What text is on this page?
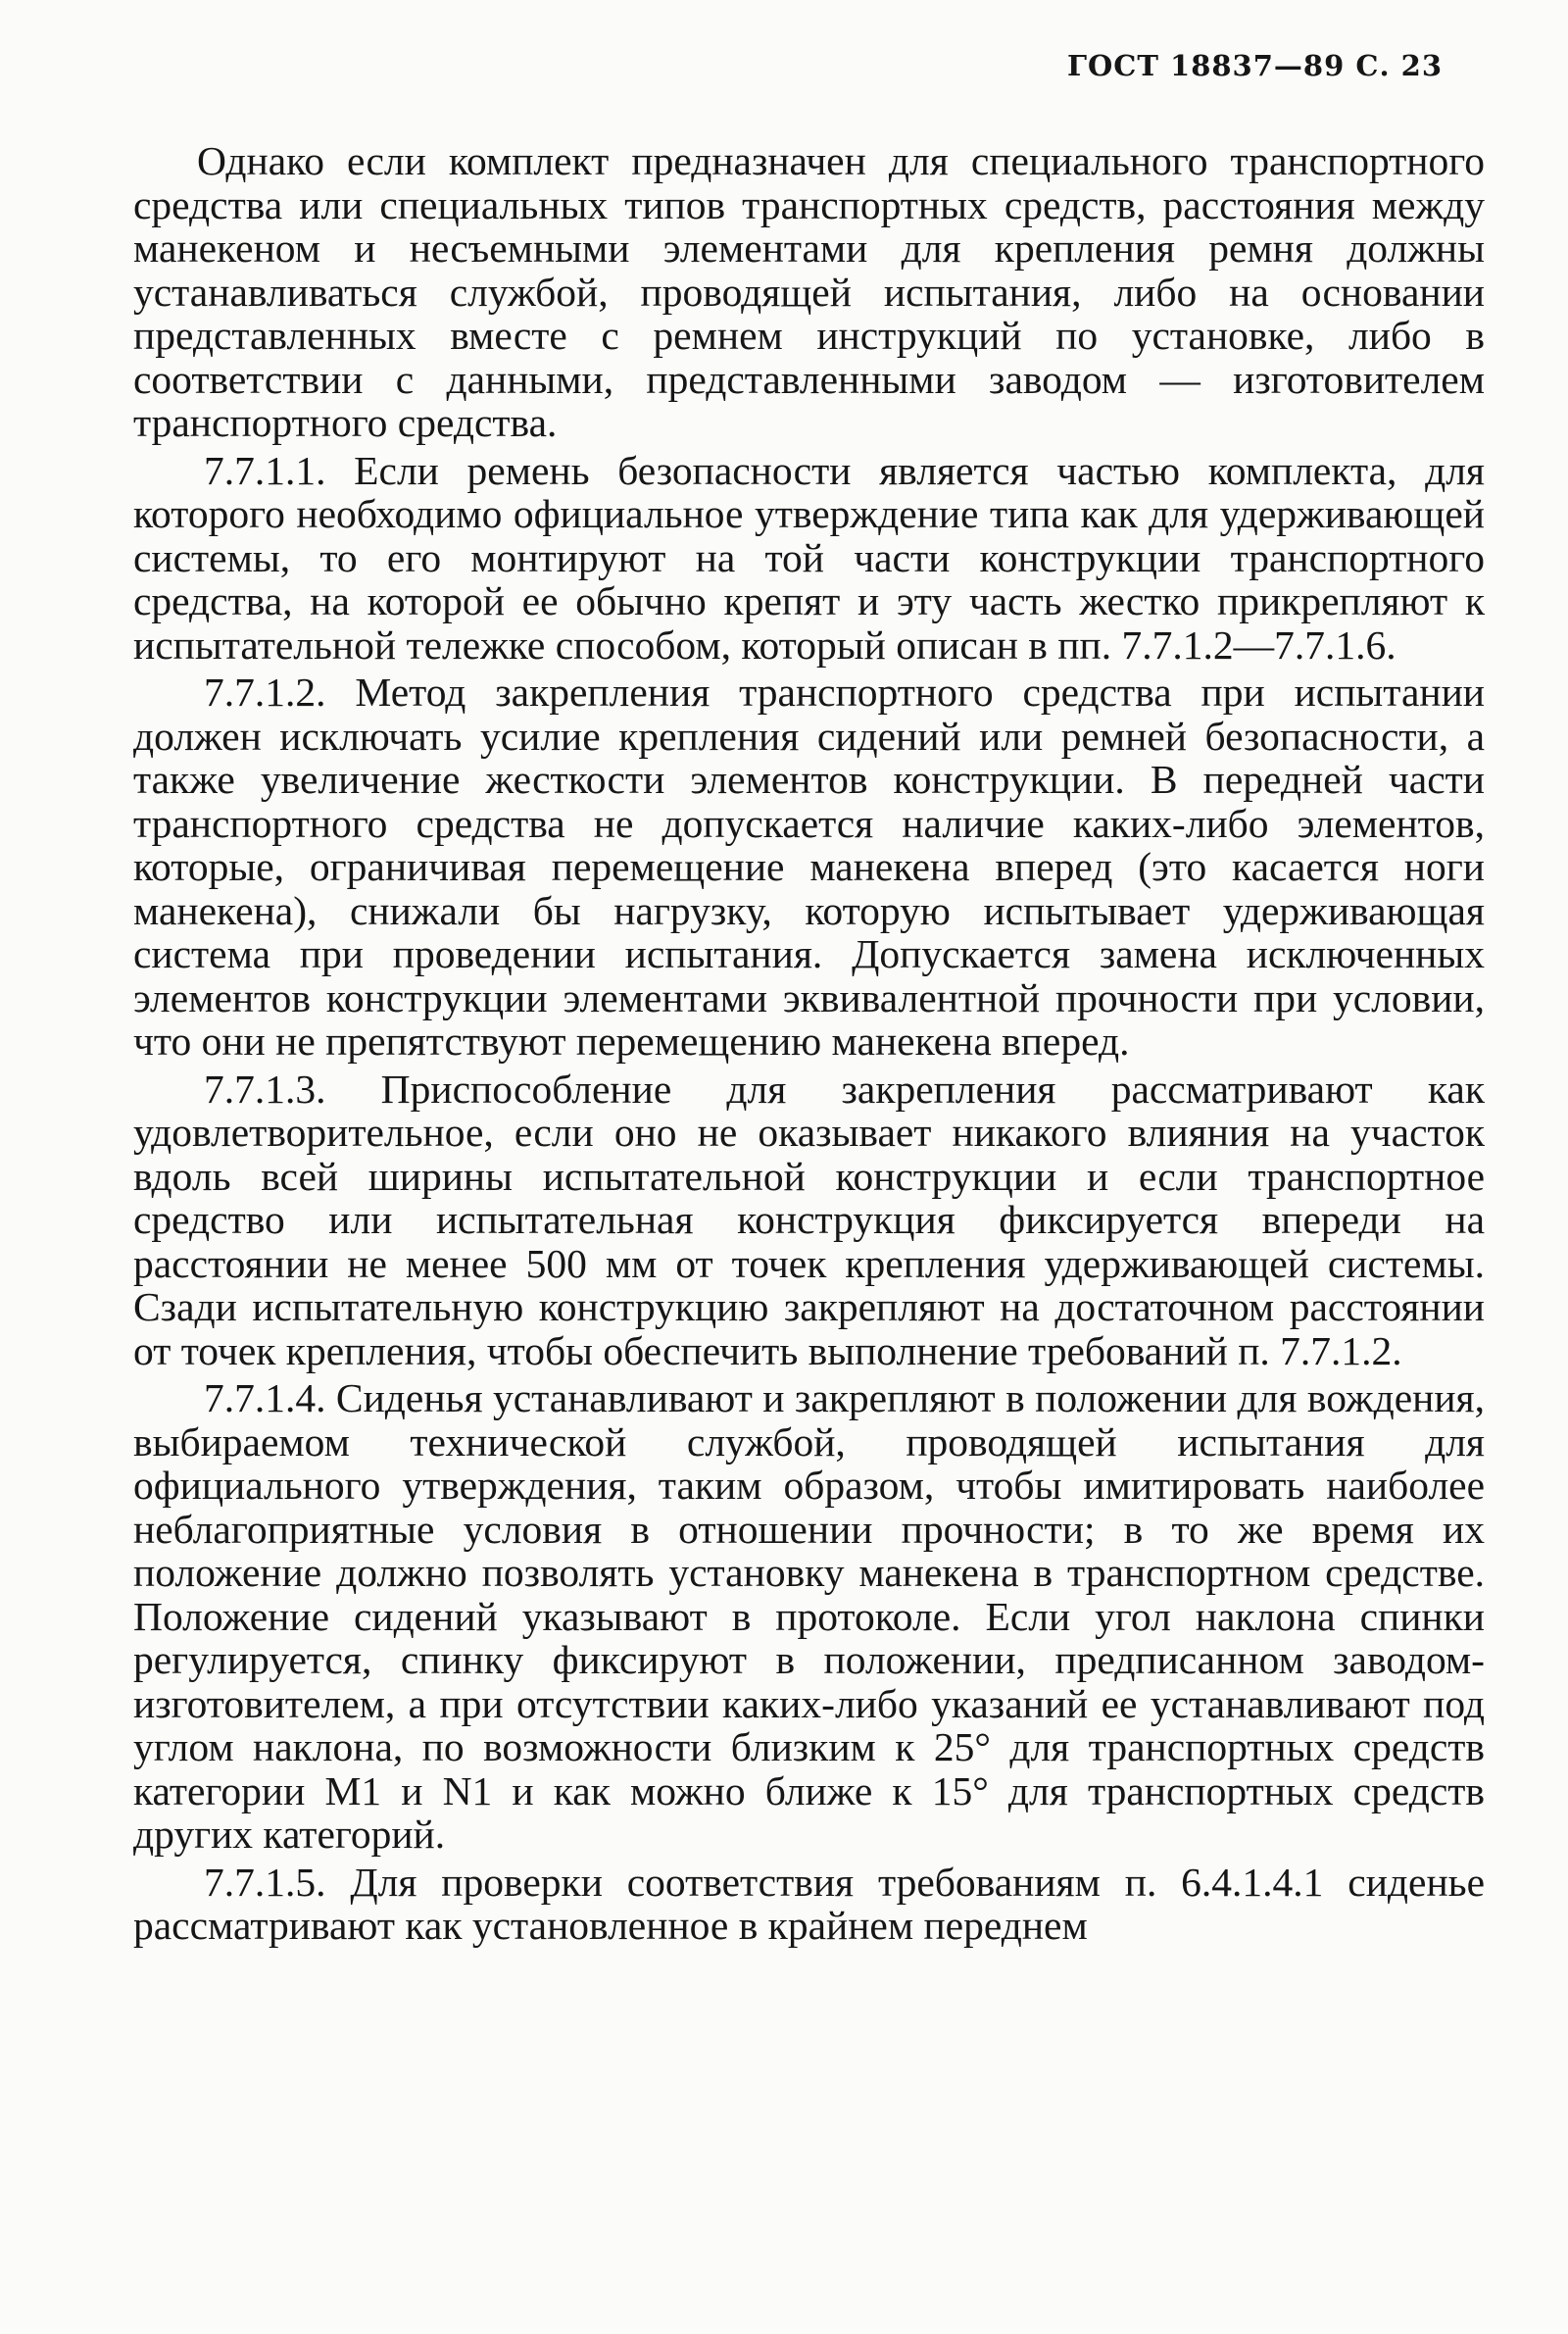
ГОСТ 18837—89 С. 23

Однако если комплект предназначен для специального транспортного средства или специальных типов транспортных средств, расстояния между манекеном и несъемными элементами для крепления ремня должны устанавливаться службой, проводящей испытания, либо на основании представленных вместе с ремнем инструкций по установке, либо в соответствии с данными, представленными заводом — изготовителем транспортного средства.

7.7.1.1. Если ремень безопасности является частью комплекта, для которого необходимо официальное утверждение типа как для удерживающей системы, то его монтируют на той части конструкции транспортного средства, на которой ее обычно крепят и эту часть жестко прикрепляют к испытательной тележке способом, который описан в пп. 7.7.1.2—7.7.1.6.

7.7.1.2. Метод закрепления транспортного средства при испытании должен исключать усилие крепления сидений или ремней безопасности, а также увеличение жесткости элементов конструкции. В передней части транспортного средства не допускается наличие каких-либо элементов, которые, ограничивая перемещение манекена вперед (это касается ноги манекена), снижали бы нагрузку, которую испытывает удерживающая система при проведении испытания. Допускается замена исключенных элементов конструкции элементами эквивалентной прочности при условии, что они не препятствуют перемещению манекена вперед.

7.7.1.3. Приспособление для закрепления рассматривают как удовлетворительное, если оно не оказывает никакого влияния на участок вдоль всей ширины испытательной конструкции и если транспортное средство или испытательная конструкция фиксируется впереди на расстоянии не менее 500 мм от точек крепления удерживающей системы. Сзади испытательную конструкцию закрепляют на достаточном расстоянии от точек крепления, чтобы обеспечить выполнение требований п. 7.7.1.2.

7.7.1.4. Сиденья устанавливают и закрепляют в положении для вождения, выбираемом технической службой, проводящей испытания для официального утверждения, таким образом, чтобы имитировать наиболее неблагоприятные условия в отношении прочности; в то же время их положение должно позволять установку манекена в транспортном средстве. Положение сидений указывают в протоколе. Если угол наклона спинки регулируется, спинку фиксируют в положении, предписанном заводом-изготовителем, а при отсутствии каких-либо указаний ее устанавливают под углом наклона, по возможности близким к 25° для транспортных средств категории M1 и N1 и как можно ближе к 15° для транспортных средств других категорий.

7.7.1.5. Для проверки соответствия требованиям п. 6.4.1.4.1 сиденье рассматривают как установленное в крайнем переднем
